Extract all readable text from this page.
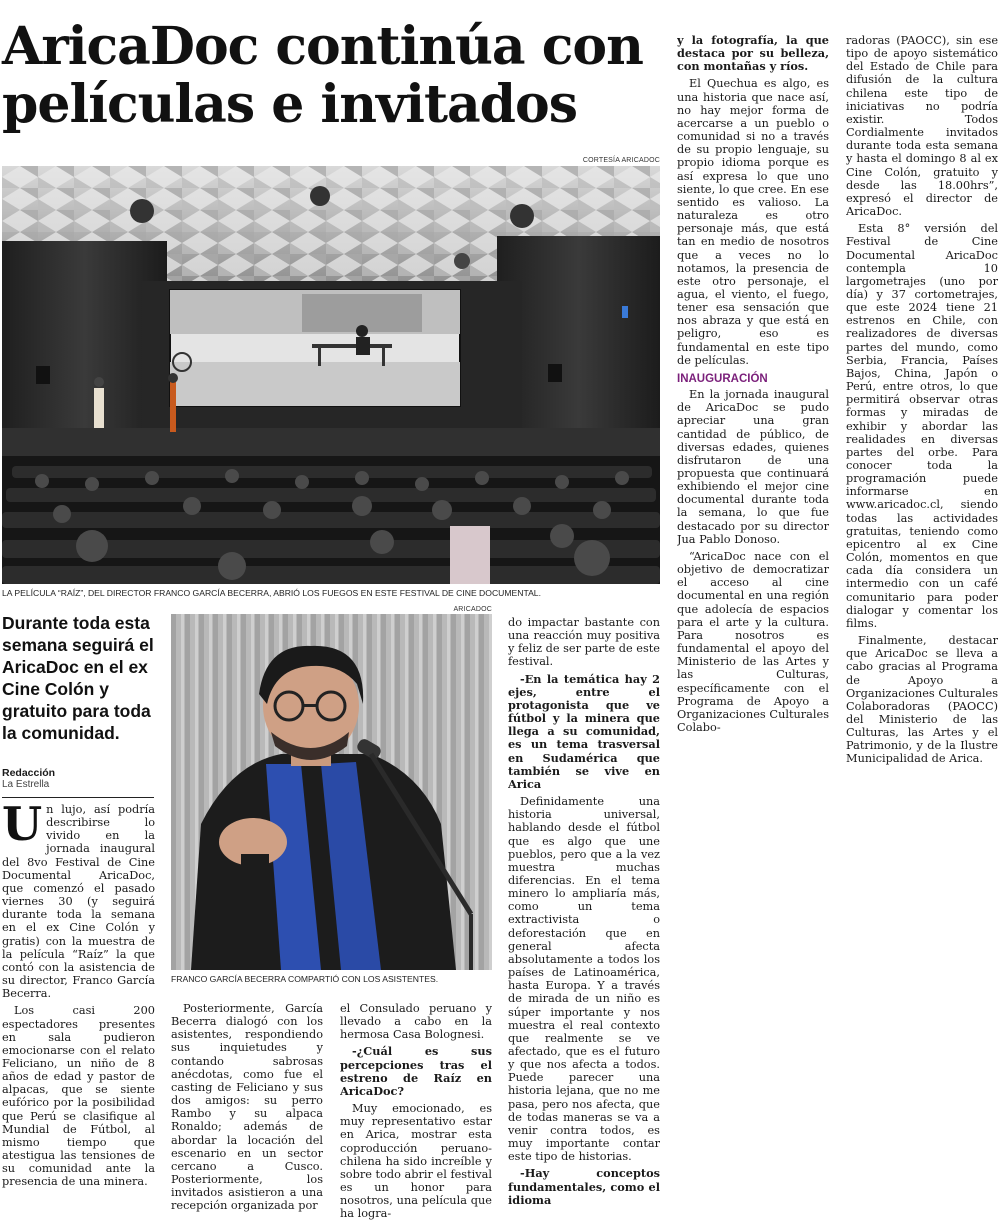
AricaDoc continúa con películas e invitados
CORTESÍA ARICADOC
LA PELÍCULA “RAÍZ”, DEL DIRECTOR FRANCO GARCÍA BECERRA, ABRIÓ LOS FUEGOS EN ESTE FESTIVAL DE CINE DOCUMENTAL.

Durante toda esta semana seguirá el AricaDoc en el ex Cine Colón y gratuito para toda la comunidad.

Redacción
La Estrella
ARICADOC
FRANCO GARCÍA BECERRA COMPARTIÓ CON LOS ASISTENTES.

Un lujo, así podría describirse lo vivido en la jornada inaugural del 8vo Festival de Cine Documental AricaDoc, que comenzó el pasado viernes 30 (y seguirá durante toda la semana en el ex Cine Colón y gratis) con la muestra de la película “Raíz” la que contó con la asistencia de su director, Franco García Becerra.

Los casi 200 espectadores presentes en sala pudieron emocionarse con el relato Feliciano, un niño de 8 años de edad y pastor de alpacas, que se siente eufórico por la posibilidad que Perú se clasifique al Mundial de Fútbol, al mismo tiempo que atestigua las tensiones de su comunidad ante la presencia de una minera.

Posteriormente, García Becerra dialogó con los asistentes, respondiendo sus inquietudes y contando sabrosas anécdotas, como fue el casting de Feliciano y sus dos amigos: su perro Rambo y su alpaca Ronaldo; además de abordar la locación del escenario en un sector cercano a Cusco. Posteriormente, los invitados asistieron a una recepción organizada por

el Consulado peruano y llevado a cabo en la hermosa Casa Bolognesi.

-¿Cuál es sus percepciones tras el estreno de Raíz en AricaDoc?

Muy emocionado, es muy representativo estar en Arica, mostrar esta coproducción peruano-chilena ha sido increíble y sobre todo abrir el festival es un honor para nosotros, una película que ha logra-

do impactar bastante con una reacción muy positiva y feliz de ser parte de este festival.

-En la temática hay 2 ejes, entre el protagonista que ve fútbol y la minera que llega a su comunidad, es un tema trasversal en Sudamérica que también se vive en Arica

Definidamente una historia universal, hablando desde el fútbol que es algo que une pueblos, pero que a la vez muestra muchas diferencias. En el tema minero lo ampliaría más, como un tema extractivista o deforestación que en general afecta absolutamente a todos los países de Latinoamérica, hasta Europa. Y a través de mirada de un niño es súper importante y nos muestra el real contexto que realmente se ve afectado, que es el futuro y que nos afecta a todos. Puede parecer una historia lejana, que no me pasa, pero nos afecta, que de todas maneras se va a venir contra todos, es muy importante contar este tipo de historias.

-Hay conceptos fundamentales, como el idioma

y la fotografía, la que destaca por su belleza, con montañas y ríos.

El Quechua es algo, es una historia que nace así, no hay mejor forma de acercarse a un pueblo o comunidad si no a través de su propio lenguaje, su propio idioma porque es así expresa lo que uno siente, lo que cree. En ese sentido es valioso. La naturaleza es otro personaje más, que está tan en medio de nosotros que a veces no lo notamos, la presencia de este otro personaje, el agua, el viento, el fuego, tener esa sensación que nos abraza y que está en peligro, eso es fundamental en este tipo de películas.

INAUGURACIÓN

En la jornada inaugural de AricaDoc se pudo apreciar una gran cantidad de público, de diversas edades, quienes disfrutaron de una propuesta que continuará exhibiendo el mejor cine documental durante toda la semana, lo que fue destacado por su director Jua Pablo Donoso.

“AricaDoc nace con el objetivo de democratizar el acceso al cine documental en una región que adolecía de espacios para el arte y la cultura. Para nosotros es fundamental el apoyo del Ministerio de las Artes y las Culturas, específicamente con el Programa de Apoyo a Organizaciones Culturales Colabo-

radoras (PAOCC), sin ese tipo de apoyo sistemático del Estado de Chile para difusión de la cultura chilena este tipo de iniciativas no podría existir. Todos Cordialmente invitados durante toda esta semana y hasta el domingo 8 al ex Cine Colón, gratuito y desde las 18.00hrs”, expresó el director de AricaDoc.

Esta 8° versión del Festival de Cine Documental AricaDoc contempla 10 largometrajes (uno por día) y 37 cortometrajes, que este 2024 tiene 21 estrenos en Chile, con realizadores de diversas partes del mundo, como Serbia, Francia, Países Bajos, China, Japón o Perú, entre otros, lo que permitirá observar otras formas y miradas de exhibir y abordar las realidades en diversas partes del orbe. Para conocer toda la programación puede informarse en www.aricadoc.cl, siendo todas las actividades gratuitas, teniendo como epicentro al ex Cine Colón, momentos en que cada día considera un intermedio con un café comunitario para poder dialogar y comentar los films.

Finalmente, destacar que AricaDoc se lleva a cabo gracias al Programa de Apoyo a Organizaciones Culturales Colaboradoras (PAOCC) del Ministerio de las Culturas, las Artes y el Patrimonio, y de la Ilustre Municipalidad de Arica.
